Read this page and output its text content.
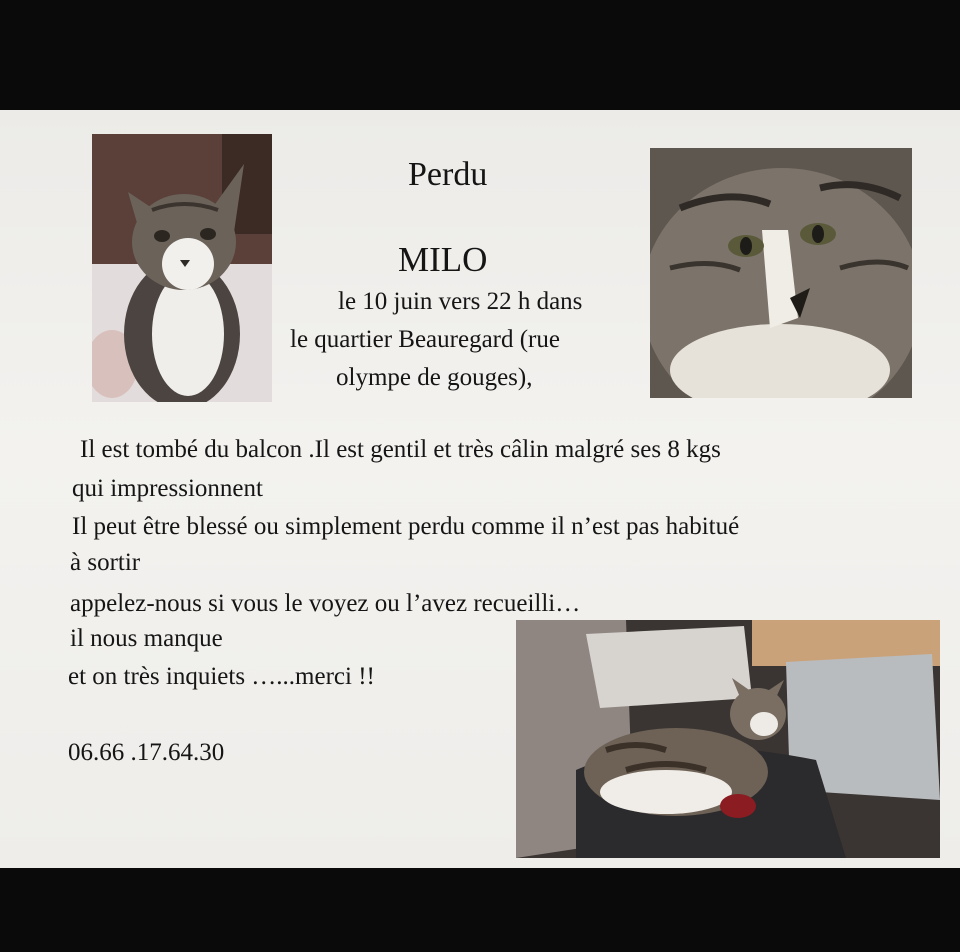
Perdu
MILO
le 10 juin vers 22 h dans
le quartier Beauregard (rue
olympe de gouges),
Il est tombé du balcon .Il est gentil et très câlin malgré ses 8 kgs
qui impressionnent
Il peut être blessé ou simplement perdu comme il n’est pas habitué
à sortir
appelez-nous si vous le voyez ou l’avez recueilli…
il nous manque
et on très inquiets …...merci !!
06.66 .17.64.30
